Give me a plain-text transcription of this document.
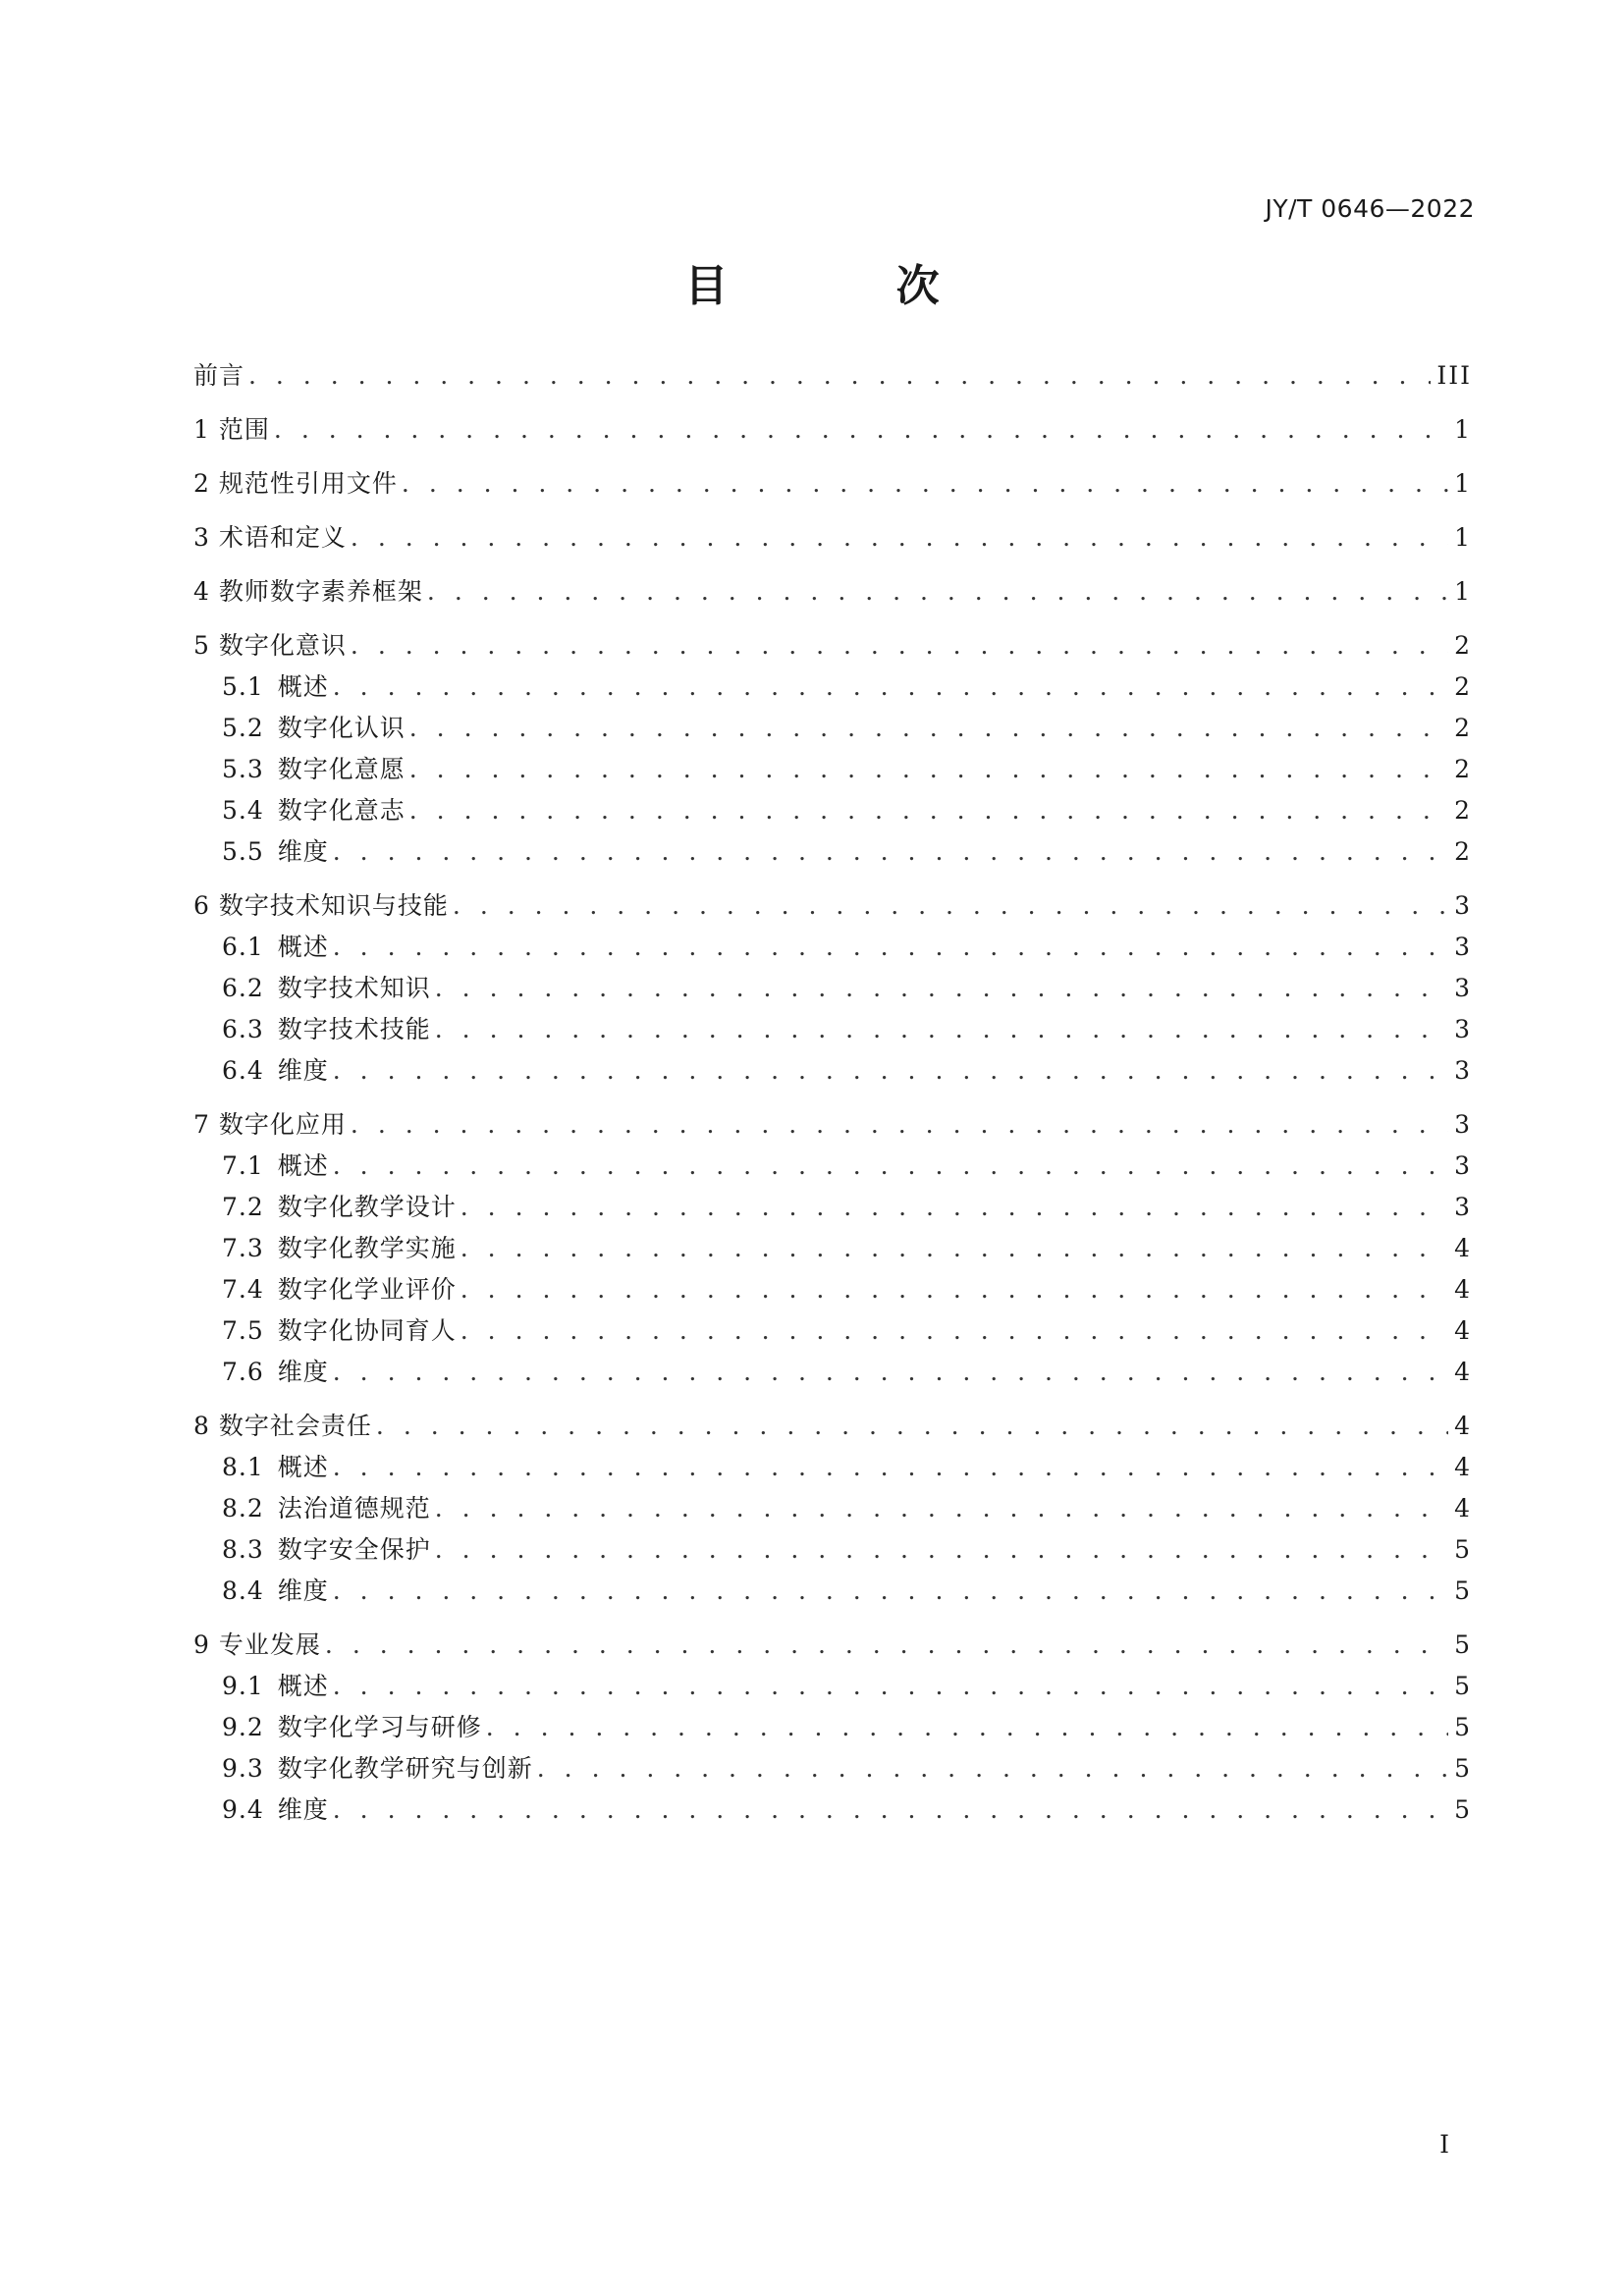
JY/T 0646—2022
目 次
前言 . . .	III
1 范围 . . .	1
2 规范性引用文件 . . .	1
3 术语和定义 . . .	1
4 教师数字素养框架 . . .	1
5 数字化意识 . . .	2
5.1 概述 . . .	2
5.2 数字化认识 . . .	2
5.3 数字化意愿 . . .	2
5.4 数字化意志 . . .	2
5.5 维度 . . .	2
6 数字技术知识与技能 . . .	3
6.1 概述 . . .	3
6.2 数字技术知识 . . .	3
6.3 数字技术技能 . . .	3
6.4 维度 . . .	3
7 数字化应用 . . .	3
7.1 概述 . . .	3
7.2 数字化教学设计 . . .	3
7.3 数字化教学实施 . . .	4
7.4 数字化学业评价 . . .	4
7.5 数字化协同育人 . . .	4
7.6 维度 . . .	4
8 数字社会责任 . . .	4
8.1 概述 . . .	4
8.2 法治道德规范 . . .	4
8.3 数字安全保护 . . .	5
8.4 维度 . . .	5
9 专业发展 . . .	5
9.1 概述 . . .	5
9.2 数字化学习与研修 . . .	5
9.3 数字化教学研究与创新 . . .	5
9.4 维度 . . .	5
I
